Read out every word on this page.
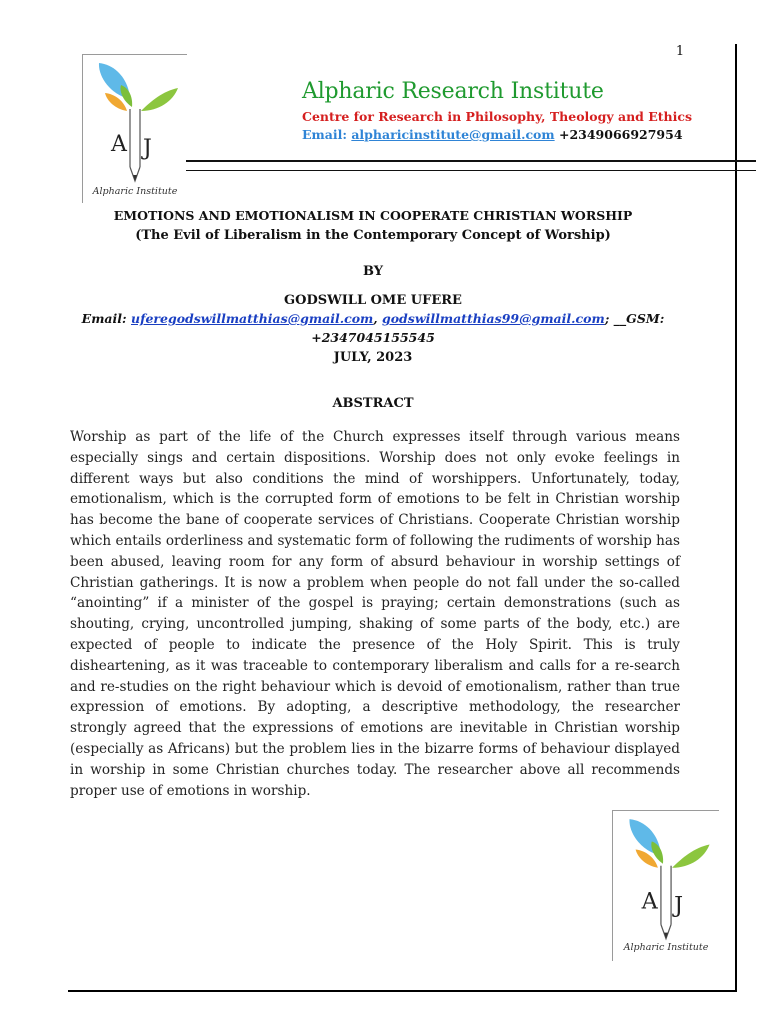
1
A J
Alpharic Institute
Alpharic Research Institute
Centre for Research in Philosophy, Theology and Ethics
Email: alpharicinstitute@gmail.com +2349066927954
EMOTIONS AND EMOTIONALISM IN COOPERATE CHRISTIAN WORSHIP
(The Evil of Liberalism in the Contemporary Concept of Worship)
BY
GODSWILL OME UFERE
Email: uferegodswillmatthias@gmail.com, godswillmatthias99@gmail.com; __GSM:
+2347045155545
JULY, 2023
ABSTRACT
Worship as part of the life of the Church expresses itself through various means especially sings and certain dispositions. Worship does not only evoke feelings in different ways but also conditions the mind of worshippers. Unfortunately, today, emotionalism, which is the corrupted form of emotions to be felt in Christian worship has become the bane of cooperate services of Christians. Cooperate Christian worship which entails orderliness and systematic form of following the rudiments of worship has been abused, leaving room for any form of absurd behaviour in worship settings of Christian gatherings. It is now a problem when people do not fall under the so-called “anointing” if a minister of the gospel is praying; certain demonstrations (such as shouting, crying, uncontrolled jumping, shaking of some parts of the body, etc.) are expected of people to indicate the presence of the Holy Spirit. This is truly disheartening, as it was traceable to contemporary liberalism and calls for a re-search and re-studies on the right behaviour which is devoid of emotionalism, rather than true expression of emotions. By adopting, a descriptive methodology, the researcher strongly agreed that the expressions of emotions are inevitable in Christian worship (especially as Africans) but the problem lies in the bizarre forms of behaviour displayed in worship in some Christian churches today. The researcher above all recommends proper use of emotions in worship.
A J
Alpharic Institute
